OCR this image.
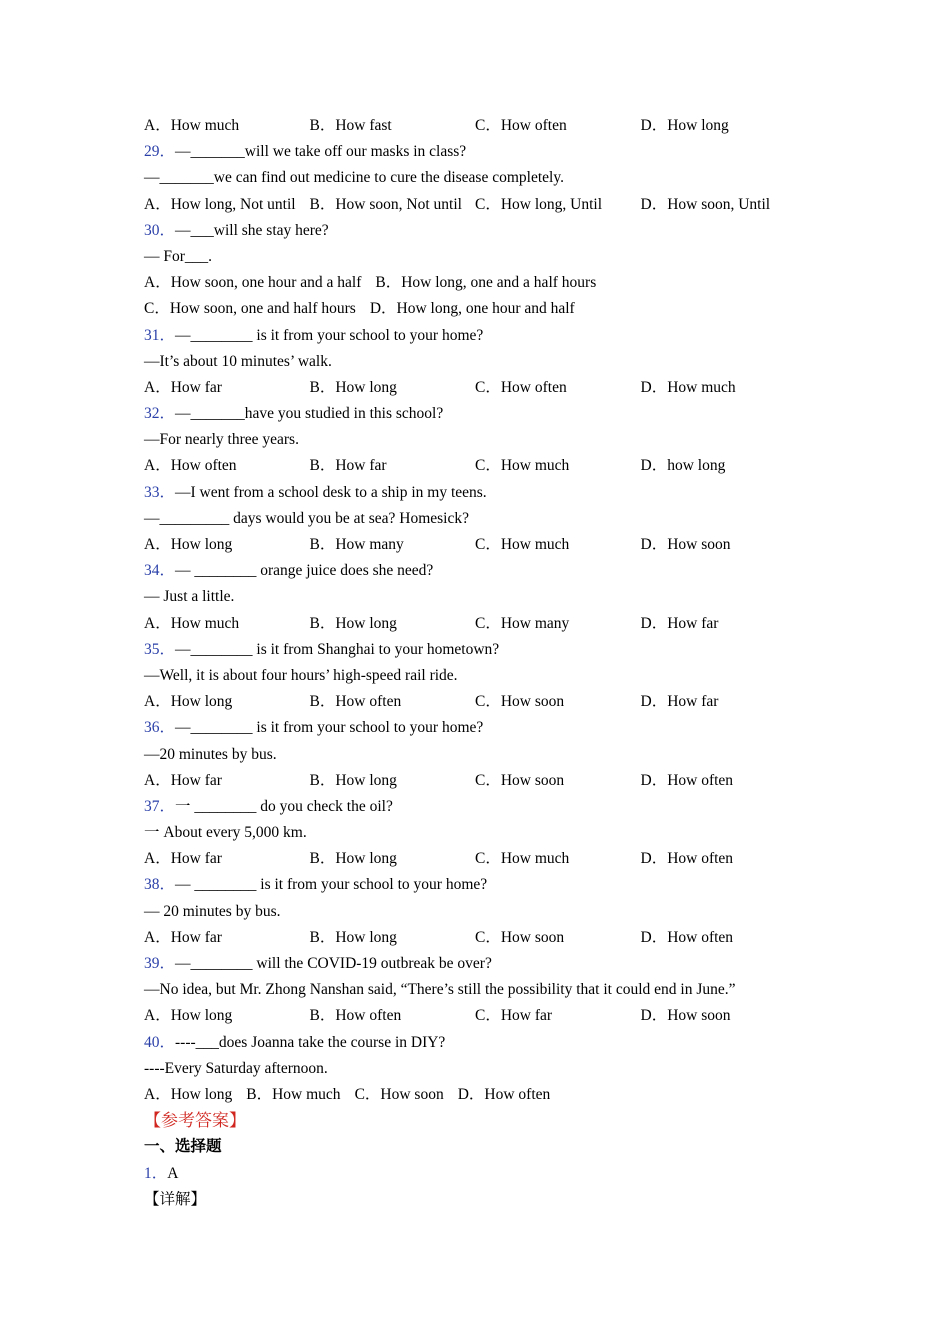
A．How much	B．How fast	C．How often	D．How long
29．—_______will we take off our masks in class?
—_______we can find out medicine to cure the disease completely.
A．How long, Not until B．How soon, Not until C．How long, Until	D．How soon, Until
30．—___will she stay here?
— For___.
A．How soon, one hour and a half B．How long, one and a half hours
C．How soon, one and half hours D．How long, one hour and half
31．—________ is it from your school to your home?
—It’s about 10 minutes’ walk.
A．How far	B．How long	C．How often	D．How much
32．—_______have you studied in this school?
—For nearly three years.
A．How often	B．How far	C．How much	D．how long
33．—I went from a school desk to a ship in my teens.
—_________ days would you be at sea? Homesick?
A．How long	B．How many	C．How much	D．How soon
34．— ________ orange juice does she need?
— Just a little.
A．How much	B．How long	C．How many	D．How far
35．—________ is it from Shanghai to your hometown?
—Well, it is about four hours’ high-speed rail ride.
A．How long	B．How often	C．How soon	D．How far
36．—________ is it from your school to your home?
—20 minutes by bus.
A．How far	B．How long	C．How soon	D．How often
37．一 ________ do you check the oil?
一 About every 5,000 km.
A．How far	B．How long	C．How much	D．How often
38．— ________ is it from your school to your home?
— 20 minutes by bus.
A．How far	B．How long	C．How soon	D．How often
39．—________ will the COVID-19 outbreak be over?
—No idea, but Mr. Zhong Nanshan said, “There’s still the possibility that it could end in June.”
A．How long	B．How often	C．How far	D．How soon
40．----___does Joanna take the course in DIY?
----Every Saturday afternoon.
A．How long B．How much C．How soon D．How often
【参考答案】
一、选择题
1．A
【详解】
